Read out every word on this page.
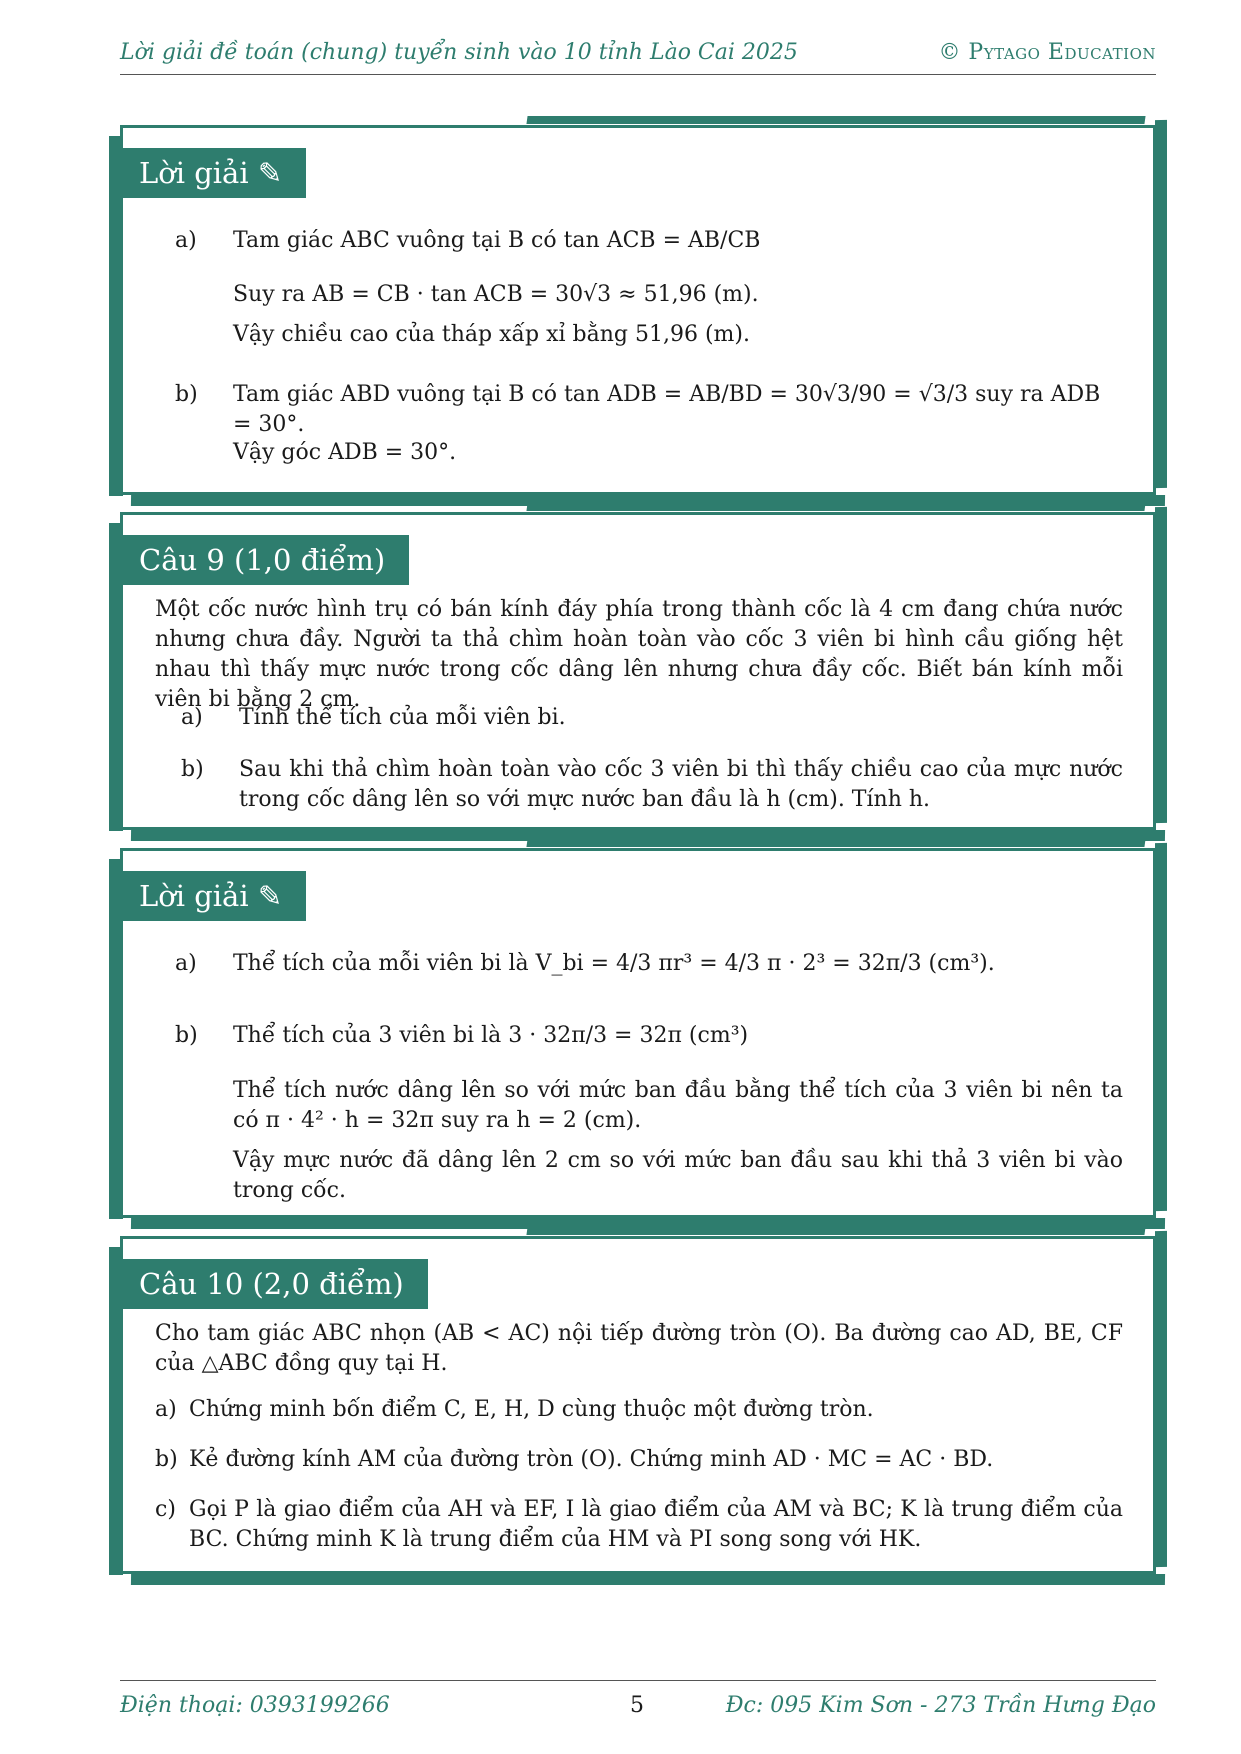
Lời giải đề toán (chung) tuyển sinh vào 10 tỉnh Lào Cai 2025	© Pytago Education
Lời giải ✎
a) Tam giác ABC vuông tại B có tan ACB = AB/CB
Suy ra AB = CB · tan ACB = 30√3 ≈ 51,96 (m).
Vậy chiều cao của tháp xấp xỉ bằng 51,96 (m).
b) Tam giác ABD vuông tại B có tan ADB = AB/BD = 30√3/90 = √3/3 suy ra ADB = 30°.
Vậy góc ADB = 30°.
Câu 9 (1,0 điểm)
Một cốc nước hình trụ có bán kính đáy phía trong thành cốc là 4 cm đang chứa nước nhưng chưa đầy. Người ta thả chìm hoàn toàn vào cốc 3 viên bi hình cầu giống hệt nhau thì thấy mực nước trong cốc dâng lên nhưng chưa đầy cốc. Biết bán kính mỗi viên bi bằng 2 cm.
a) Tính thể tích của mỗi viên bi.
b) Sau khi thả chìm hoàn toàn vào cốc 3 viên bi thì thấy chiều cao của mực nước trong cốc dâng lên so với mực nước ban đầu là h (cm). Tính h.
Lời giải ✎
a) Thể tích của mỗi viên bi là V_bi = 4/3 πr³ = 4/3 π · 2³ = 32π/3 (cm³).
b) Thể tích của 3 viên bi là 3 · 32π/3 = 32π (cm³)
Thể tích nước dâng lên so với mức ban đầu bằng thể tích của 3 viên bi nên ta có π · 4² · h = 32π suy ra h = 2 (cm).
Vậy mực nước đã dâng lên 2 cm so với mức ban đầu sau khi thả 3 viên bi vào trong cốc.
Câu 10 (2,0 điểm)
Cho tam giác ABC nhọn (AB < AC) nội tiếp đường tròn (O). Ba đường cao AD, BE, CF của △ABC đồng quy tại H.
a) Chứng minh bốn điểm C, E, H, D cùng thuộc một đường tròn.
b) Kẻ đường kính AM của đường tròn (O). Chứng minh AD · MC = AC · BD.
c) Gọi P là giao điểm của AH và EF, I là giao điểm của AM và BC; K là trung điểm của BC. Chứng minh K là trung điểm của HM và PI song song với HK.
Điện thoại: 0393199266	5	Đc: 095 Kim Sơn - 273 Trần Hưng Đạo
